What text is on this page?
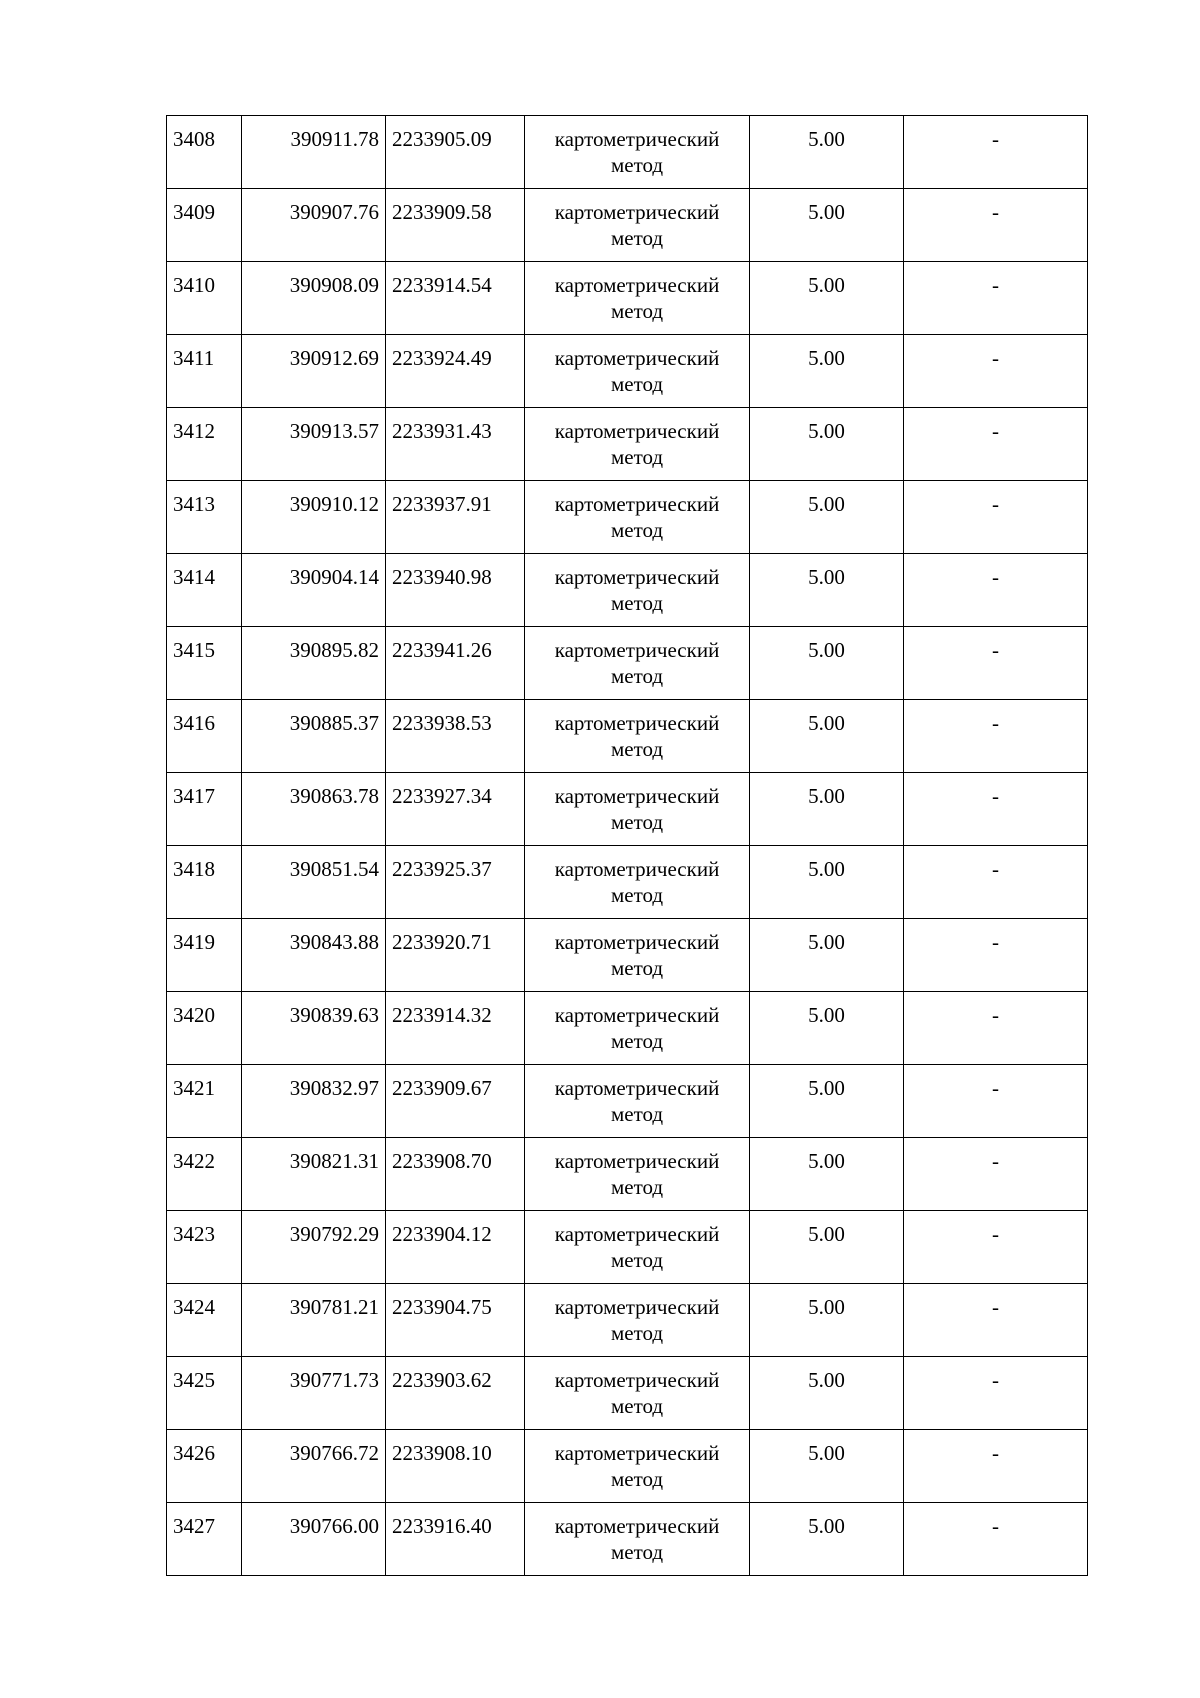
3408	390911.78	2233905.09	картометрический метод	5.00	-
3409	390907.76	2233909.58	картометрический метод	5.00	-
3410	390908.09	2233914.54	картометрический метод	5.00	-
3411	390912.69	2233924.49	картометрический метод	5.00	-
3412	390913.57	2233931.43	картометрический метод	5.00	-
3413	390910.12	2233937.91	картометрический метод	5.00	-
3414	390904.14	2233940.98	картометрический метод	5.00	-
3415	390895.82	2233941.26	картометрический метод	5.00	-
3416	390885.37	2233938.53	картометрический метод	5.00	-
3417	390863.78	2233927.34	картометрический метод	5.00	-
3418	390851.54	2233925.37	картометрический метод	5.00	-
3419	390843.88	2233920.71	картометрический метод	5.00	-
3420	390839.63	2233914.32	картометрический метод	5.00	-
3421	390832.97	2233909.67	картометрический метод	5.00	-
3422	390821.31	2233908.70	картометрический метод	5.00	-
3423	390792.29	2233904.12	картометрический метод	5.00	-
3424	390781.21	2233904.75	картометрический метод	5.00	-
3425	390771.73	2233903.62	картометрический метод	5.00	-
3426	390766.72	2233908.10	картометрический метод	5.00	-
3427	390766.00	2233916.40	картометрический метод	5.00	-
